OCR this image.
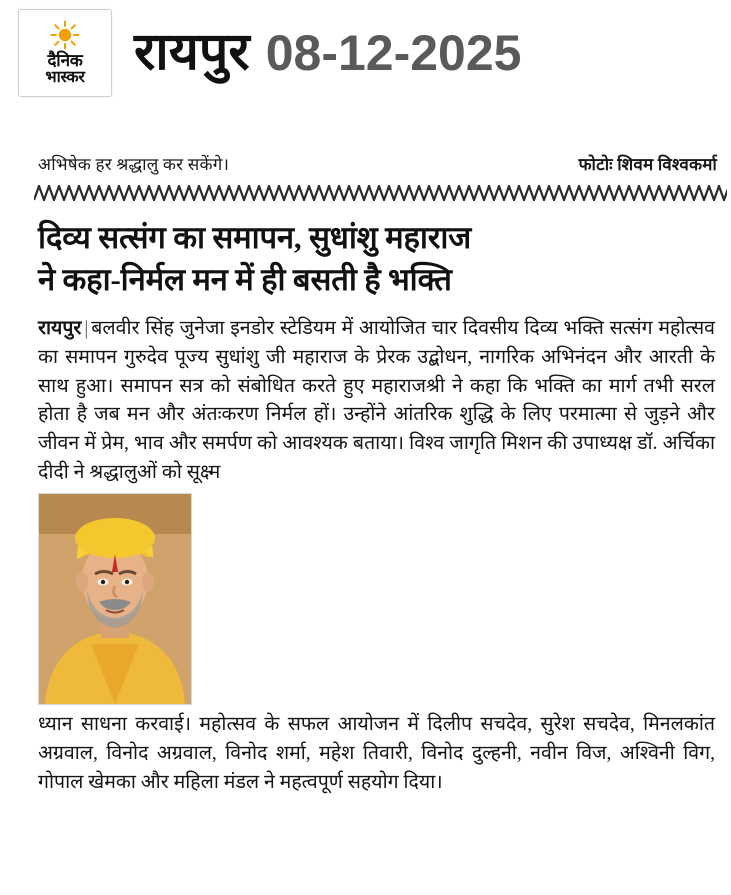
दैनिक
भास्कर रायपुर 08-12-2025
अभिषेक हर श्रद्धालु कर सकेंगे।	फोटोः शिवम विश्वकर्मा
दिव्य सत्संग का समापन, सुधांशु महाराज
ने कहा-निर्मल मन में ही बसती है भक्ति

रायपुर | बलवीर सिंह जुनेजा इनडोर स्टेडियम में आयोजित चार दिवसीय दिव्य भक्ति सत्संग महोत्सव का समापन गुरुदेव पूज्य सुधांशु जी महाराज के प्रेरक उद्बोधन, नागरिक अभिनंदन और आरती के साथ हुआ। समापन सत्र को संबोधित करते हुए महाराजश्री ने कहा कि भक्ति का मार्ग तभी सरल होता है जब मन और अंतःकरण निर्मल हों। उन्होंने आंतरिक शुद्धि के लिए परमात्मा से जुड़ने और जीवन में प्रेम, भाव और समर्पण को आवश्यक बताया। विश्व जागृति मिशन की उपाध्यक्ष डॉ. अर्चिका दीदी ने श्रद्धालुओं को सूक्ष्म

ध्यान साधना करवाई। महोत्सव के सफल आयोजन में दिलीप सचदेव, सुरेश सचदेव, मिनलकांत अग्रवाल, विनोद अग्रवाल, विनोद शर्मा, महेश तिवारी, विनोद दुल्हनी, नवीन विज, अश्विनी विग, गोपाल खेमका और महिला मंडल ने महत्वपूर्ण सहयोग दिया।
